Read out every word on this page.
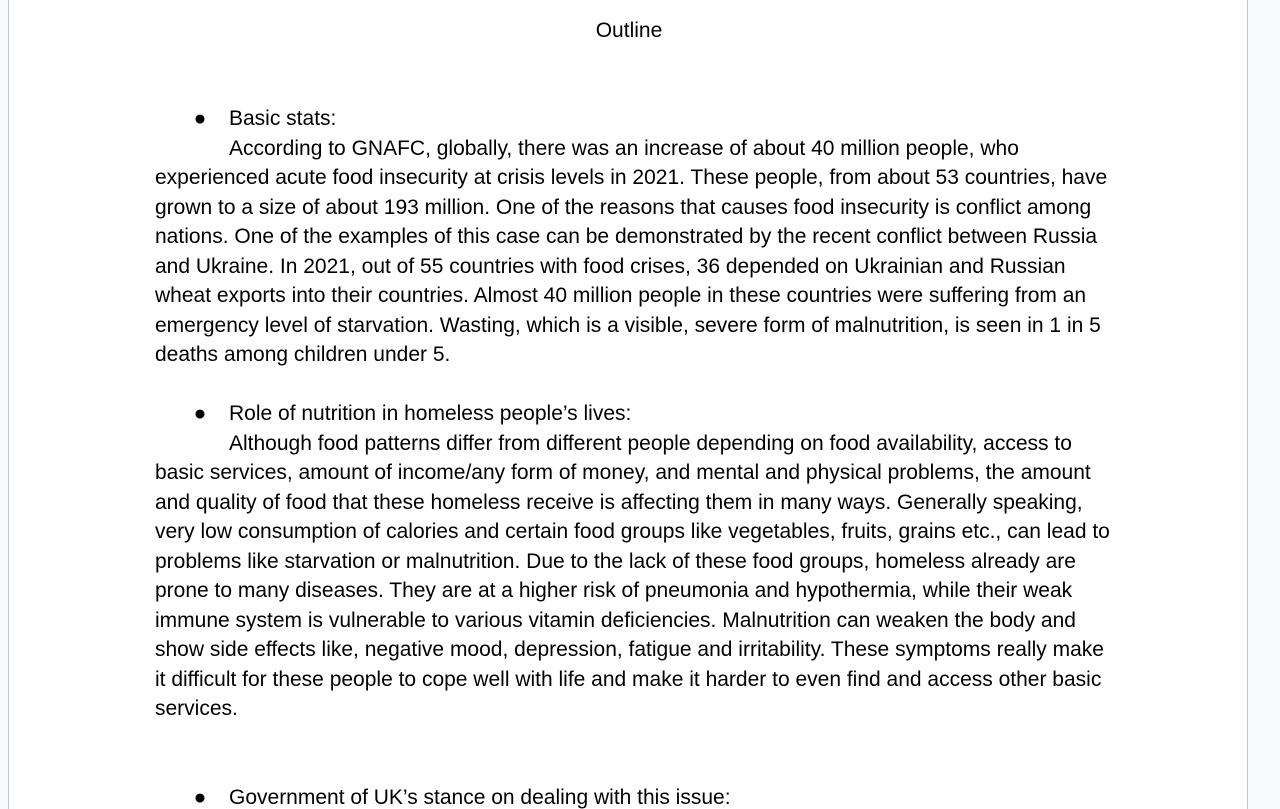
Outline
● Basic stats:

According to GNAFC, globally, there was an increase of about 40 million people, who experienced acute food insecurity at crisis levels in 2021. These people, from about 53 countries, have grown to a size of about 193 million. One of the reasons that causes food insecurity is conflict among nations. One of the examples of this case can be demonstrated by the recent conflict between Russia and Ukraine. In 2021, out of 55 countries with food crises, 36 depended on Ukrainian and Russian wheat exports into their countries. Almost 40 million people in these countries were suffering from an emergency level of starvation. Wasting, which is a visible, severe form of malnutrition, is seen in 1 in 5 deaths among children under 5.

● Role of nutrition in homeless people’s lives:

Although food patterns differ from different people depending on food availability, access to basic services, amount of income/any form of money, and mental and physical problems, the amount and quality of food that these homeless receive is affecting them in many ways. Generally speaking, very low consumption of calories and certain food groups like vegetables, fruits, grains etc., can lead to problems like starvation or malnutrition. Due to the lack of these food groups, homeless already are prone to many diseases. They are at a higher risk of pneumonia and hypothermia, while their weak immune system is vulnerable to various vitamin deficiencies. Malnutrition can weaken the body and show side effects like, negative mood, depression, fatigue and irritability. These symptoms really make it difficult for these people to cope well with life and make it harder to even find and access other basic services.

● Government of UK’s stance on dealing with this issue:
